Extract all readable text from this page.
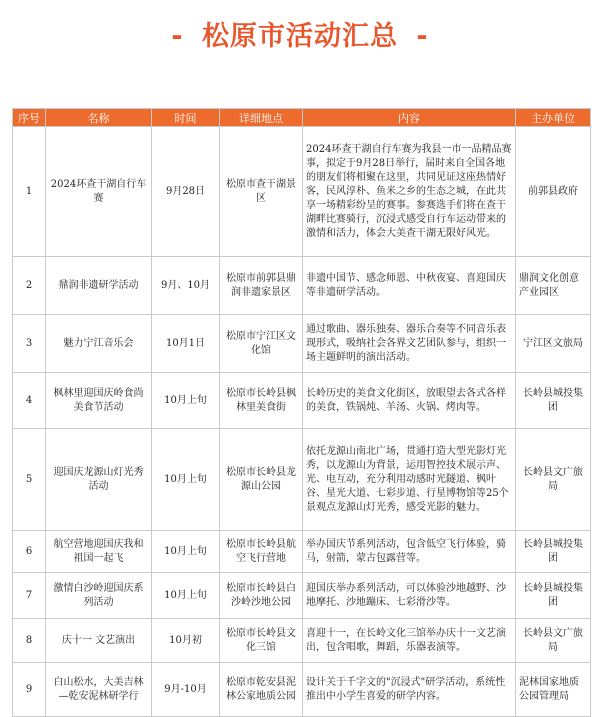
- 松原市活动汇总 -
序号	名称	时间	详细地点	内容	主办单位
1	2024环查干湖自行车赛	9月28日	松原市查干湖景区	2024环查干湖自行车赛为我县一市一品精品赛事，拟定于9月28日举行，届时来自全国各地的朋友们将相聚在这里，共同见证这座热情好客，民风淳朴、鱼米之乡的生态之城，在此共享一场精彩纷呈的赛事。参赛选手们将在查干湖畔比赛骑行，沉浸式感受自行车运动带来的激情和活力，体会大美查干湖无限好风光。	前郭县政府
2	鼎润非遗研学活动	9月、10月	松原市前郭县鼎润非遗家景区	非遗中国节、感念师恩、中秋夜宴、喜迎国庆等非遗研学活动。	鼎润文化创意产业园区
3	魅力宁江音乐会	10月1日	松原市宁江区文化馆	通过歌曲、器乐独奏、器乐合奏等不同音乐表现形式，吸纳社会各界文艺团队参与，组织一场主题鲜明的演出活动。	宁江区文旅局
4	枫林里迎国庆岭食尚美食节活动	10月上旬	松原市长岭县枫林里美食街	长岭历史的美食文化街区，放眼望去各式各样的美食，铁锅炖、羊汤、火锅、烤肉等。	长岭县城投集团
5	迎国庆龙源山灯光秀活动	10月上旬	松原市长岭县龙源山公园	依托龙源山南北广场，贯通打造大型光影灯光秀，以龙源山为背景，运用智控技术展示声、光、电互动，充分利用动感时光隧道、枫叶谷、星光大道、七彩步道、行星博物馆等25个景观点龙源山灯光秀，感受光影的魅力。	长岭县文广旅局
6	航空营地迎国庆我和祖国一起飞	10月上旬	松原市长岭县航空飞行营地	举办国庆节系列活动，包含低空飞行体验，骑马，射箭，蒙古包露营等。	长岭县城投集团
7	激情白沙岭迎国庆系列活动	10月上旬	松原市长岭县白沙岭沙地公园	迎国庆举办系列活动，可以体验沙地越野、沙地摩托、沙地蹦床、七彩滑沙等。	长岭县城投集团
8	庆十一 文艺演出	10月初	松原市长岭县文化三馆	喜迎十一，在长岭文化三馆举办庆十一文艺演出，包含唱歌，舞蹈，乐器表演等。	长岭县文广旅局
9	白山松水，大美吉林—乾安泥林研学行	9月-10月	松原市乾安县泥林公家地质公园	设计关于千字文的"沉浸式"研学活动，系统性推出中小学生喜爱的研学内容。	泥林国家地质公园管理局
